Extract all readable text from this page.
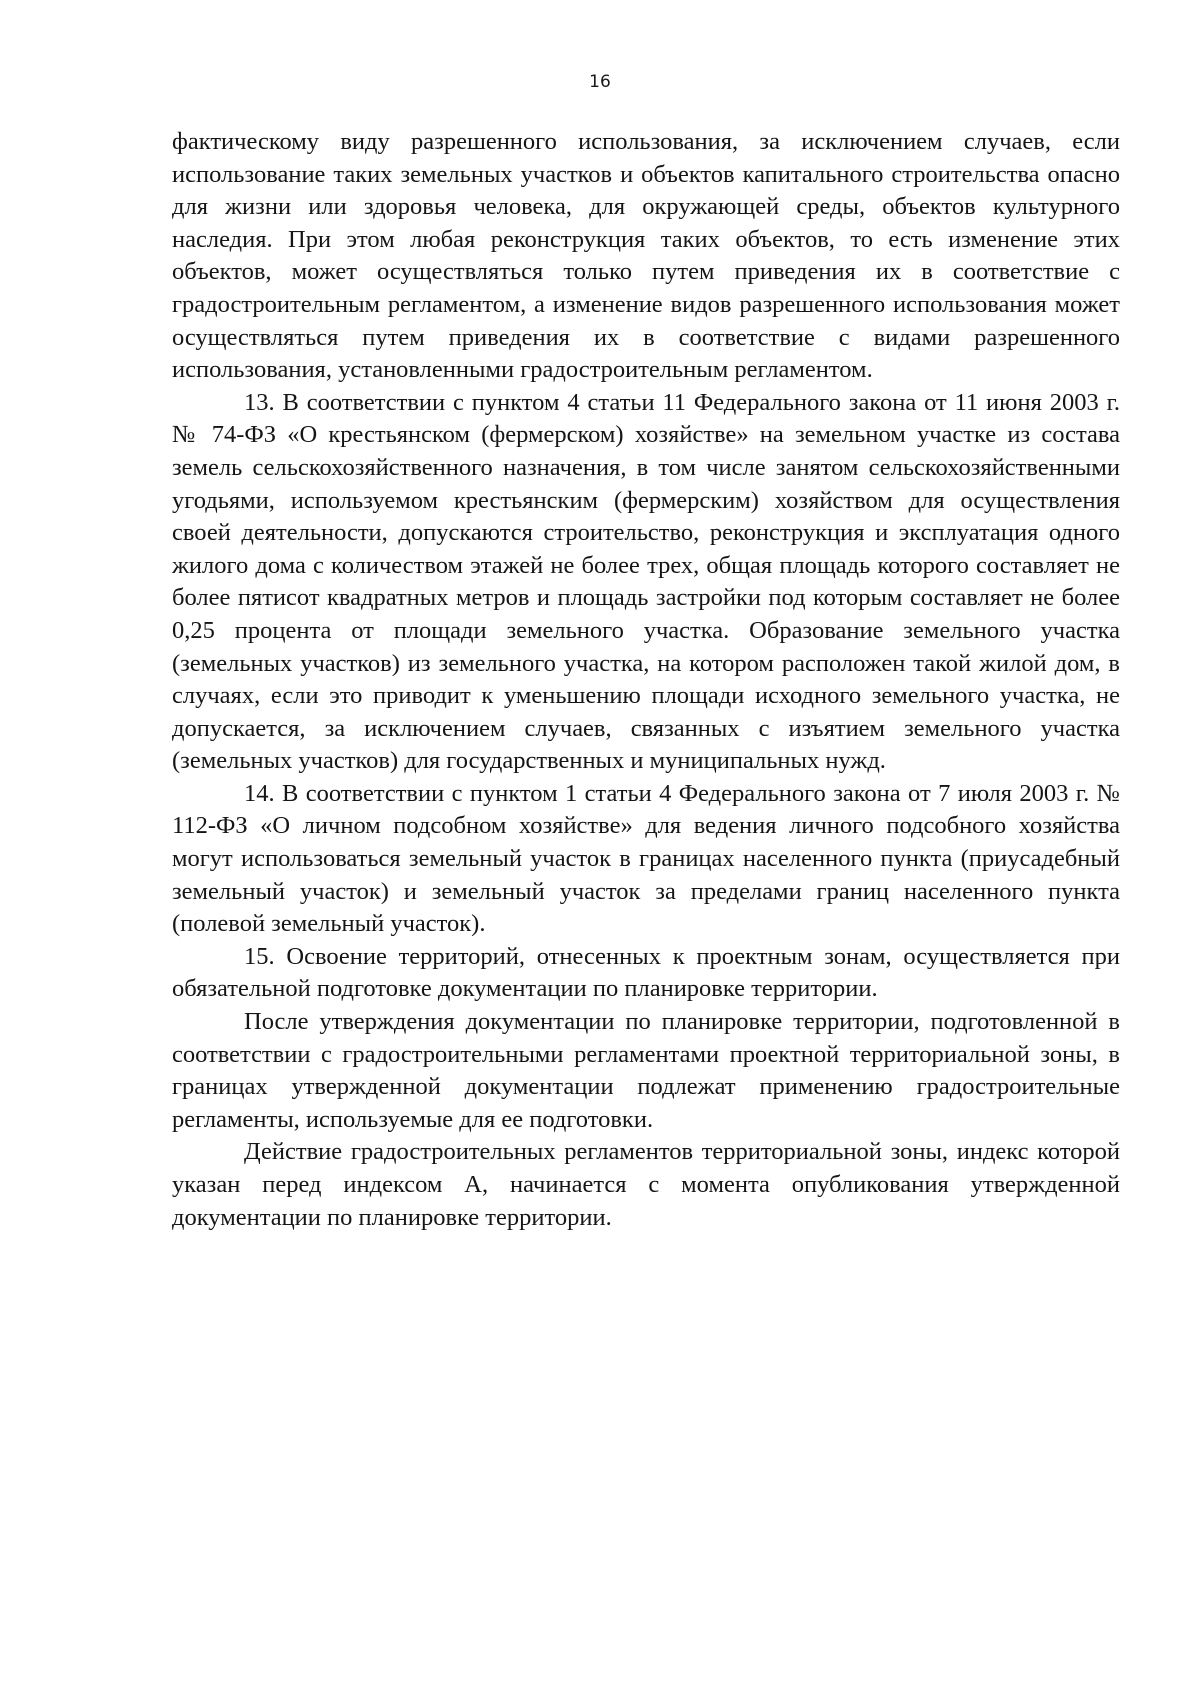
16

фактическому виду разрешенного использования, за исключением случаев, если использование таких земельных участков и объектов капитального строительства опасно для жизни или здоровья человека, для окружающей среды, объектов культурного наследия. При этом любая реконструкция таких объектов, то есть изменение этих объектов, может осуществляться только путем приведения их в соответствие с градостроительным регламентом, а изменение видов разрешенного использования может осуществляться путем приведения их в соответствие с видами разрешенного использования, установленными градостроительным регламентом.

13. В соответствии с пунктом 4 статьи 11 Федерального закона от 11 июня 2003 г. № 74-ФЗ «О крестьянском (фермерском) хозяйстве» на земельном участке из состава земель сельскохозяйственного назначения, в том числе занятом сельскохозяйственными угодьями, используемом крестьянским (фермерским) хозяйством для осуществления своей деятельности, допускаются строительство, реконструкция и эксплуатация одного жилого дома с количеством этажей не более трех, общая площадь которого составляет не более пятисот квадратных метров и площадь застройки под которым составляет не более 0,25 процента от площади земельного участка. Образование земельного участка (земельных участков) из земельного участка, на котором расположен такой жилой дом, в случаях, если это приводит к уменьшению площади исходного земельного участка, не допускается, за исключением случаев, связанных с изъятием земельного участка (земельных участков) для государственных и муниципальных нужд.

14. В соответствии с пунктом 1 статьи 4 Федерального закона от 7 июля 2003 г. № 112-ФЗ «О личном подсобном хозяйстве» для ведения личного подсобного хозяйства могут использоваться земельный участок в границах населенного пункта (приусадебный земельный участок) и земельный участок за пределами границ населенного пункта (полевой земельный участок).

15. Освоение территорий, отнесенных к проектным зонам, осуществляется при обязательной подготовке документации по планировке территории.

После утверждения документации по планировке территории, подготовленной в соответствии с градостроительными регламентами проектной территориальной зоны, в границах утвержденной документации подлежат применению градостроительные регламенты, используемые для ее подготовки.

Действие градостроительных регламентов территориальной зоны, индекс которой указан перед индексом А, начинается с момента опубликования утвержденной документации по планировке территории.
